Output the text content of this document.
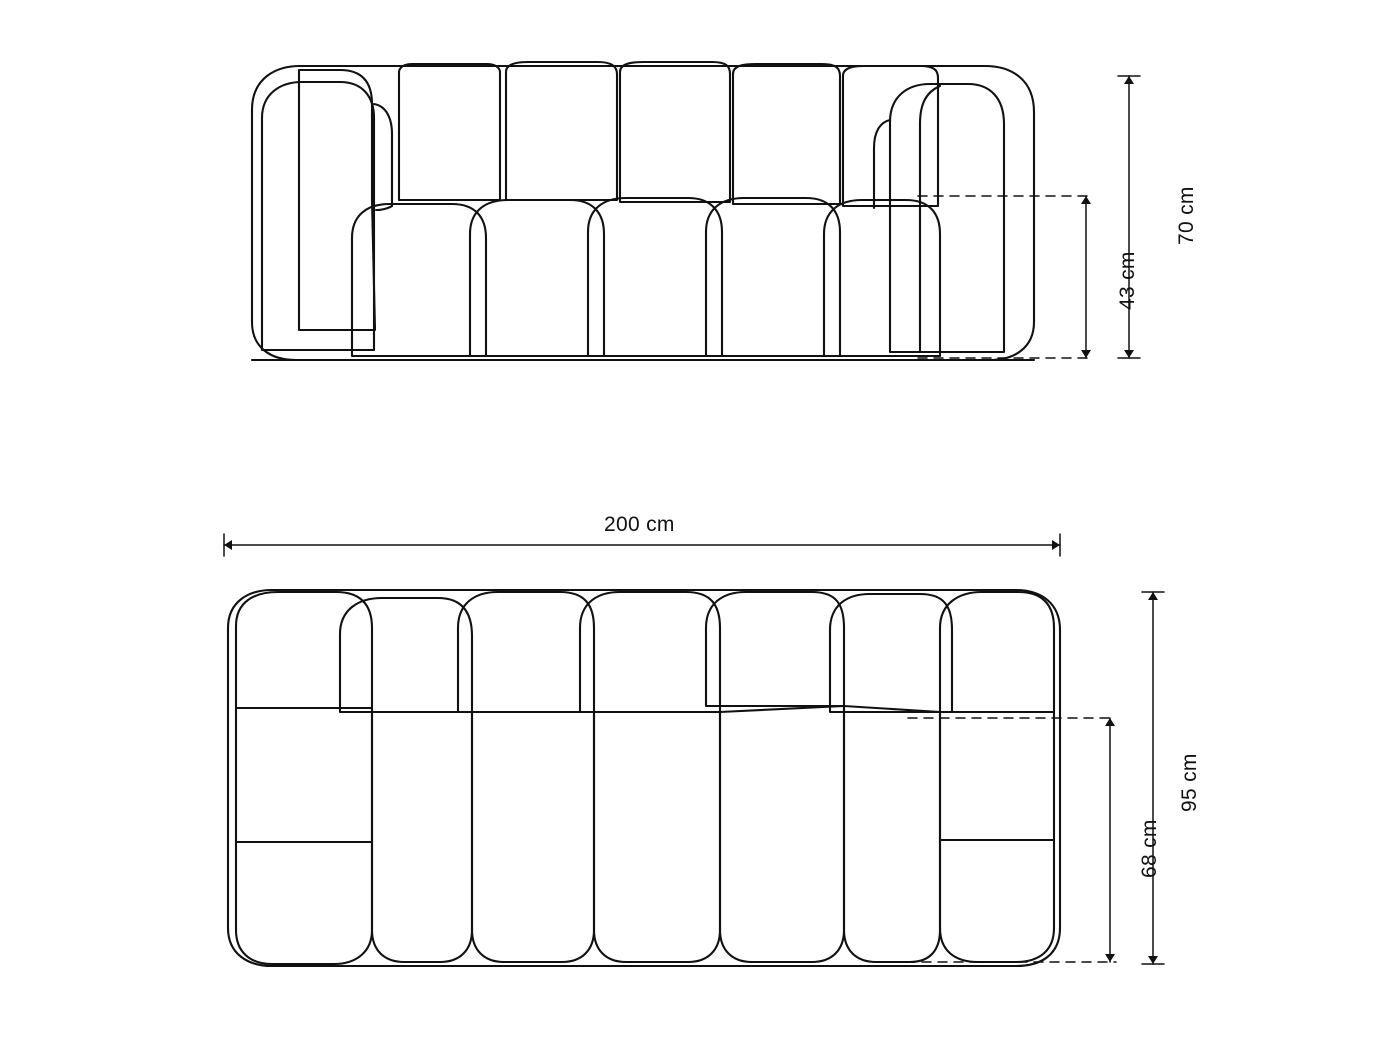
70 cm
43 cm
200 cm
95 cm
68 cm
